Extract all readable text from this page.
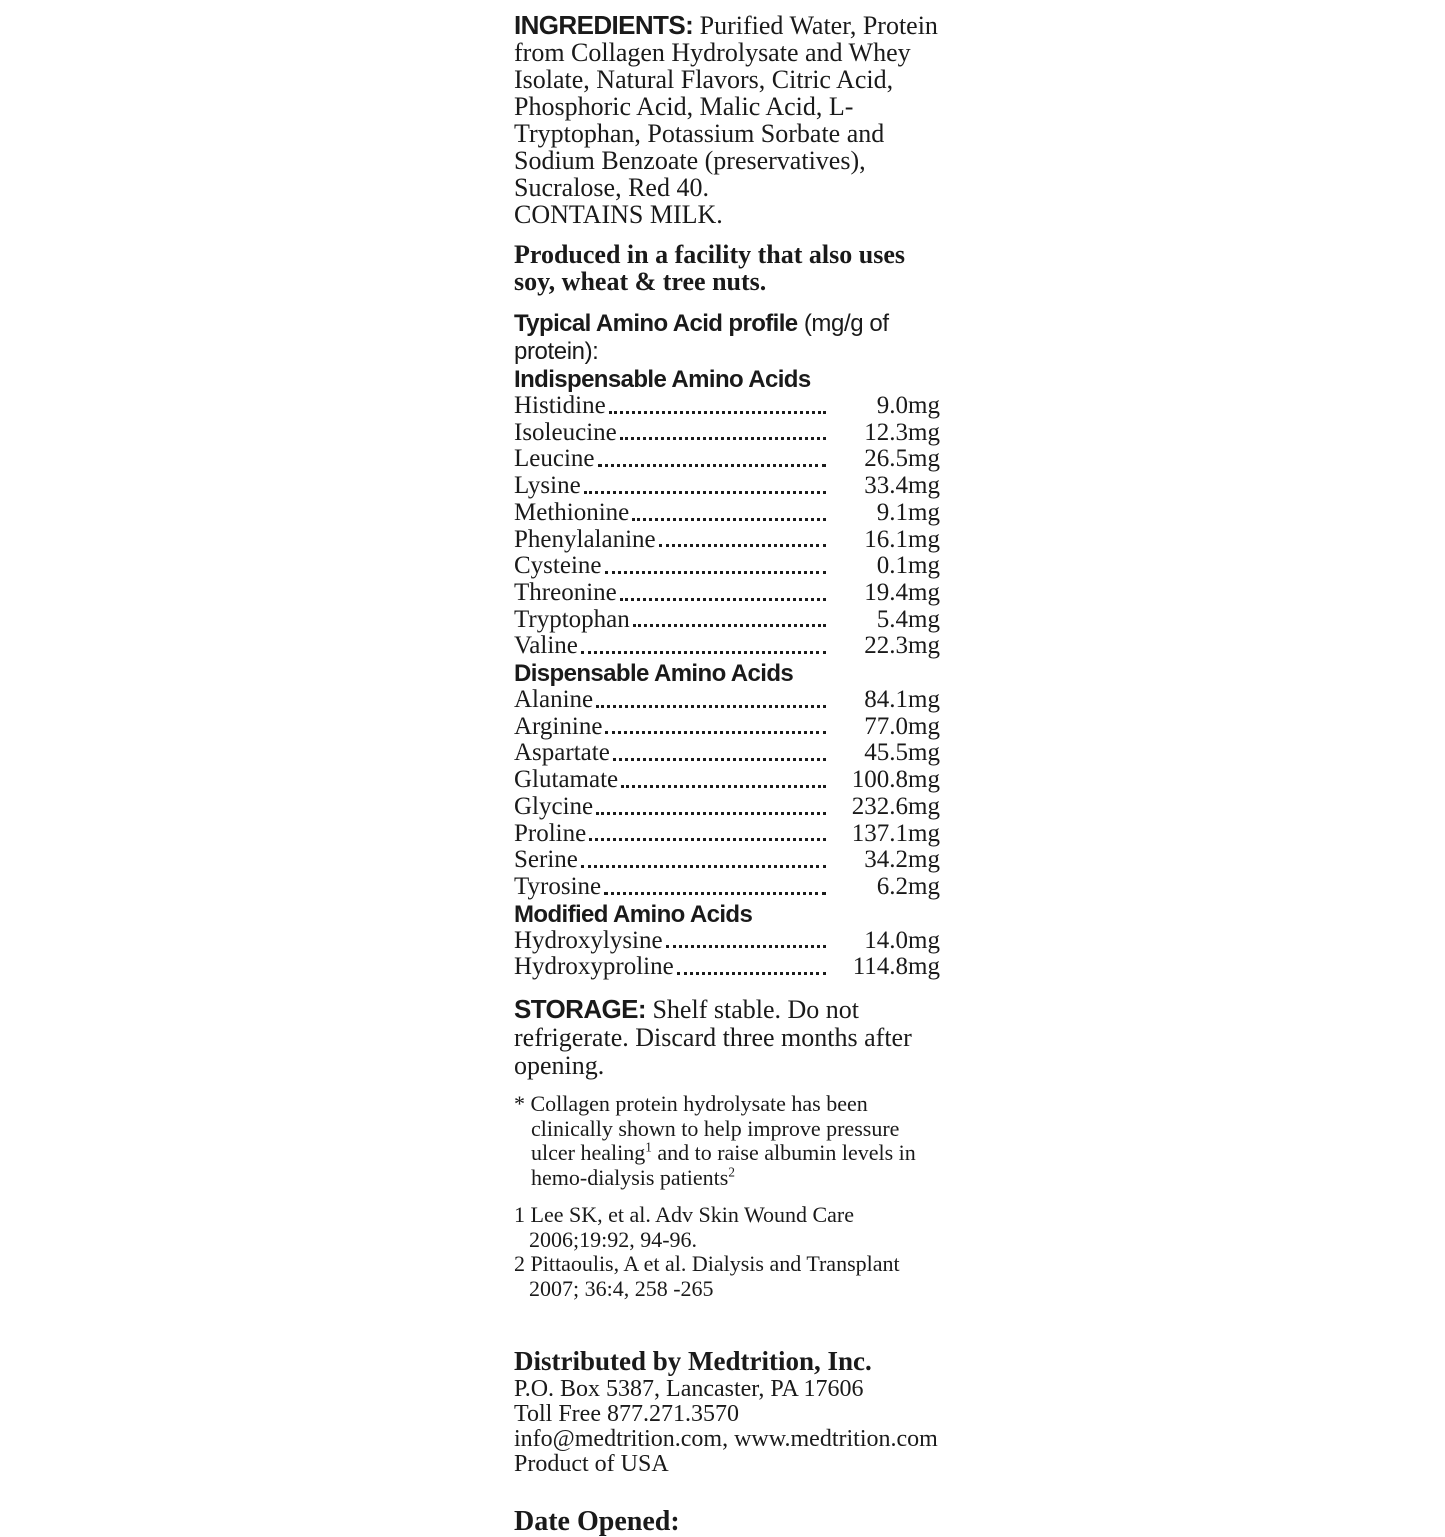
INGREDIENTS: Purified Water, Protein from Collagen Hydrolysate and Whey Isolate, Natural Flavors, Citric Acid, Phosphoric Acid, Malic Acid, L-Tryptophan, Potassium Sorbate and Sodium Benzoate (preservatives), Sucralose, Red 40.

CONTAINS MILK.

Produced in a facility that also uses soy, wheat & tree nuts.

Typical Amino Acid profile (mg/g of protein):

Indispensable Amino Acids
Histidine	9.0mg
Isoleucine	12.3mg
Leucine	26.5mg
Lysine	33.4mg
Methionine	9.1mg
Phenylalanine	16.1mg
Cysteine	0.1mg
Threonine	19.4mg
Tryptophan	5.4mg
Valine	22.3mg
Dispensable Amino Acids
Alanine	84.1mg
Arginine	77.0mg
Aspartate	45.5mg
Glutamate	100.8mg
Glycine	232.6mg
Proline	137.1mg
Serine	34.2mg
Tyrosine	6.2mg
Modified Amino Acids
Hydroxylysine	14.0mg
Hydroxyproline	114.8mg

STORAGE: Shelf stable. Do not refrigerate. Discard three months after opening.

* Collagen protein hydrolysate has been clinically shown to help improve pressure ulcer healing$^1$ and to raise albumin levels in hemo-dialysis patients$^2$

1 Lee SK, et al. Adv Skin Wound Care 2006;19:92, 94-96.

2 Pittaoulis, A et al. Dialysis and Transplant 2007; 36:4, 258 -265

Distributed by Medtrition, Inc.
P.O. Box 5387, Lancaster, PA 17606
Toll Free 877.271.3570
info@medtrition.com, www.medtrition.com
Product of USA
Date Opened:
